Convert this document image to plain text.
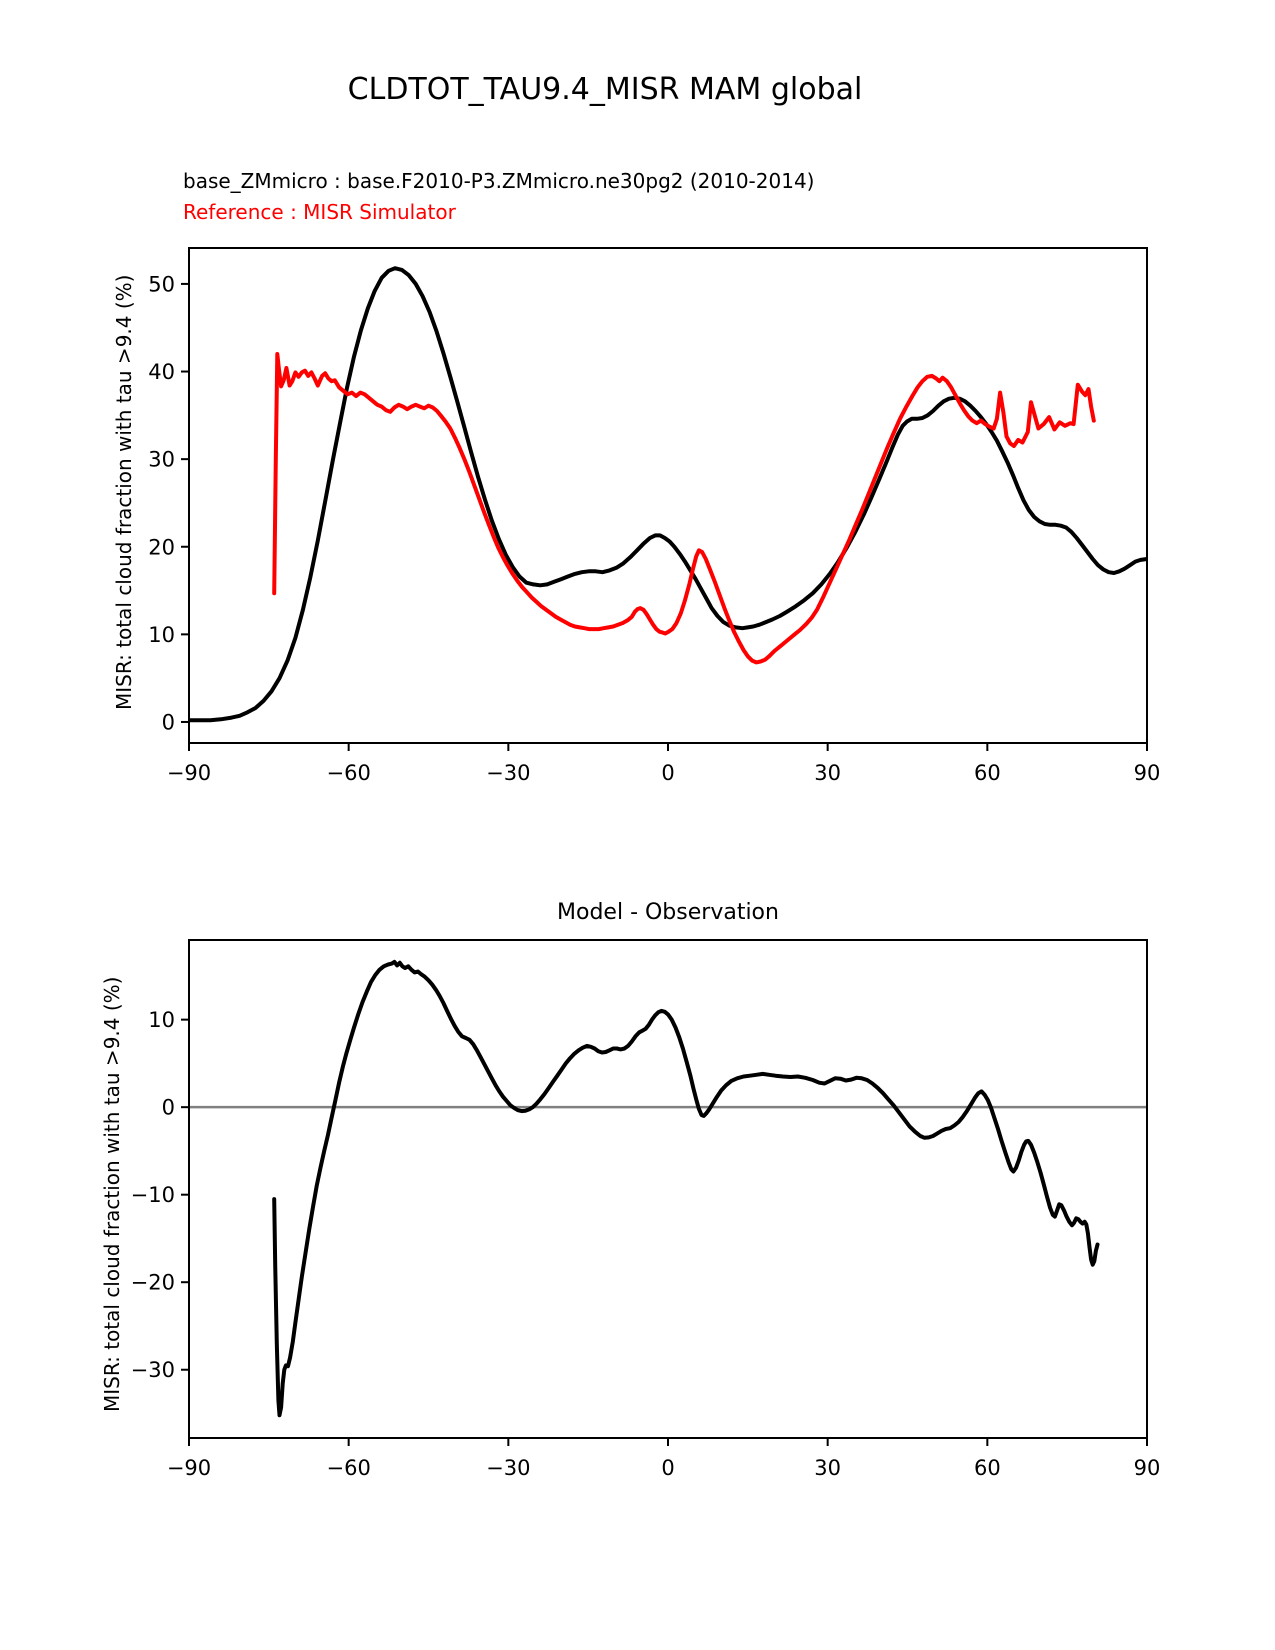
CLDTOT_TAU9.4_MISR MAM global
base_ZMmicro : base.F2010-P3.ZMmicro.ne30pg2 (2010-2014)
Reference : MISR Simulator
MISR: total cloud fraction with tau >9.4 (%)
Model - Observation
MISR: total cloud fraction with tau >9.4 (%)
−90	−60	−30	0	30	60	90
0
10
20
30
40
50
−90	−60	−30	0	30	60	90
10
0
−10
−20
−30
